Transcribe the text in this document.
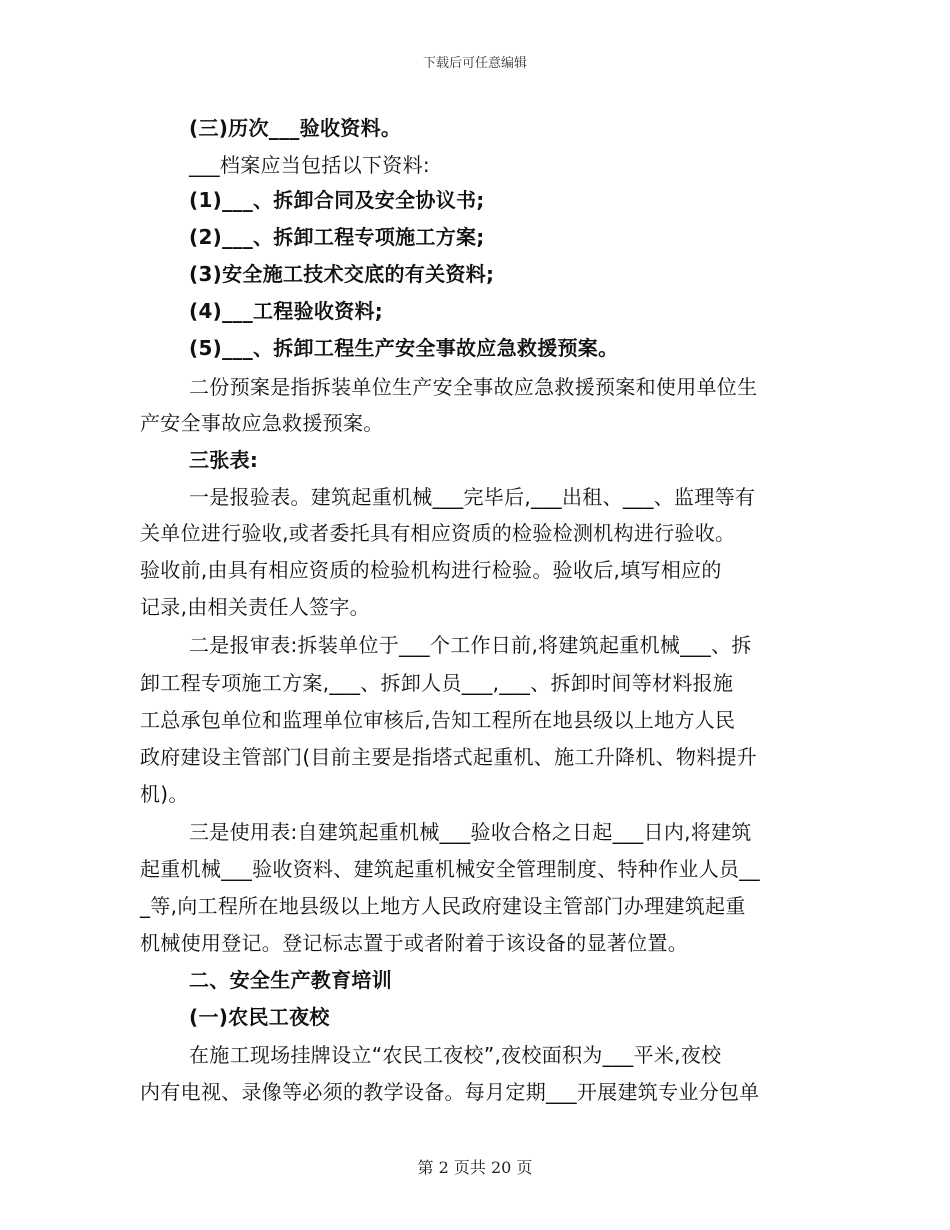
下载后可任意编辑
(三)历次___验收资料。
___档案应当包括以下资料:
(1)___、拆卸合同及安全协议书;
(2)___、拆卸工程专项施工方案;
(3)安全施工技术交底的有关资料;
(4)___工程验收资料;
(5)___、拆卸工程生产安全事故应急救援预案。
二份预案是指拆装单位生产安全事故应急救援预案和使用单位生
产安全事故应急救援预案。
三张表:
一是报验表。建筑起重机械___完毕后,___出租、___、监理等有
关单位进行验收,或者委托具有相应资质的检验检测机构进行验收。
验收前,由具有相应资质的检验机构进行检验。验收后,填写相应的
记录,由相关责任人签字。
二是报审表:拆装单位于___个工作日前,将建筑起重机械___、拆
卸工程专项施工方案,___、拆卸人员___,___、拆卸时间等材料报施
工总承包单位和监理单位审核后,告知工程所在地县级以上地方人民
政府建设主管部门(目前主要是指塔式起重机、施工升降机、物料提升
机)。
三是使用表:自建筑起重机械___验收合格之日起___日内,将建筑
起重机械___验收资料、建筑起重机械安全管理制度、特种作业人员__
_等,向工程所在地县级以上地方人民政府建设主管部门办理建筑起重
机械使用登记。登记标志置于或者附着于该设备的显著位置。
二、安全生产教育培训
(一)农民工夜校
在施工现场挂牌设立“农民工夜校”,夜校面积为___平米,夜校
内有电视、录像等必须的教学设备。每月定期___开展建筑专业分包单
第 2 页共 20 页
